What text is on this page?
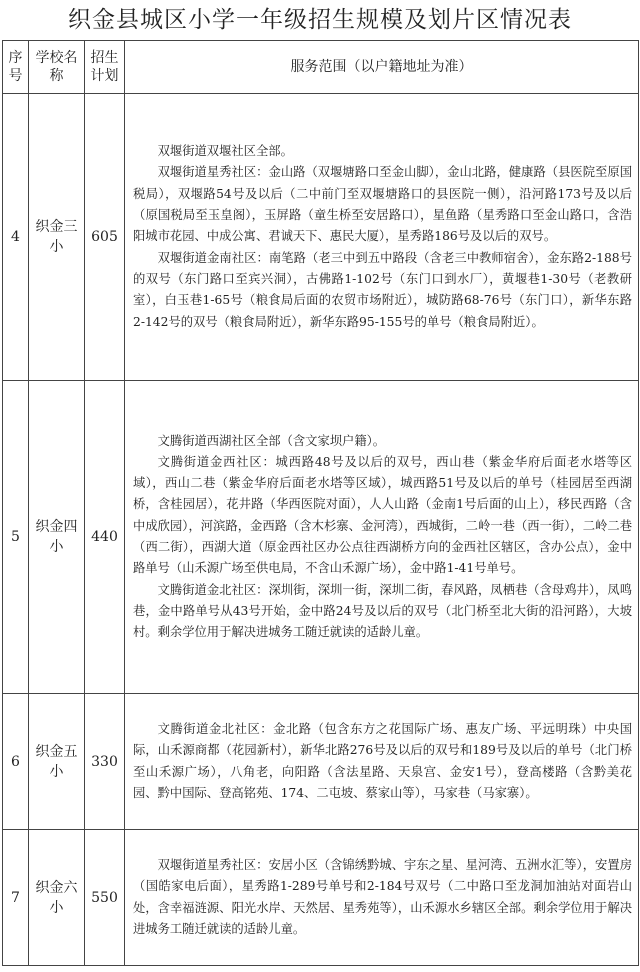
织金县城区小学一年级招生规模及划片区情况表
序号	学校名称	招生计划	服务范围（以户籍地址为准）
4	织金三小	605	双堰街道双堰社区全部。

双堰街道星秀社区：金山路（双堰塘路口至金山脚），金山北路，健康路（县医院至原国税局），双堰路54号及以后（二中前门至双堰塘路口的县医院一侧），沿河路173号及以后（原国税局至玉皇阁），玉屏路（童生桥至安居路口），星鱼路（星秀路口至金山路口，含浩阳城市花园、中成公寓、君诚天下、惠民大厦），星秀路186号及以后的双号。

双堰街道金南社区：南笔路（老三中到五中路段（含老三中教师宿舍），金东路2-188号的双号（东门路口至宾兴洞），古佛路1-102号（东门口到水厂），黄堰巷1-30号（老教研室），白玉巷1-65号（粮食局后面的农贸市场附近），城防路68-76号（东门口），新华东路2-142号的双号（粮食局附近），新华东路95-155号的单号（粮食局附近）。

5	织金四小	440	文腾街道西湖社区全部（含文家坝户籍）。

文腾街道金西社区：城西路48号及以后的双号，西山巷（紫金华府后面老水塔等区域），西山二巷（紫金华府后面老水塔等区域），城西路51号及以后的单号（桂园居至西湖桥，含桂园居），花井路（华西医院对面），人人山路（金南1号后面的山上），移民西路（含中成欣园），河滨路，金西路（含木杉寨、金河湾），西城街，二岭一巷（西一街），二岭二巷（西二街），西湖大道（原金西社区办公点往西湖桥方向的金西社区辖区，含办公点），金中路单号（山禾源广场至供电局，不含山禾源广场），金中路1-41号单号。

文腾街道金北社区：深圳街，深圳一街，深圳二街，春风路，凤栖巷（含母鸡井），凤鸣巷，金中路单号从43号开始，金中路24号及以后的双号（北门桥至北大街的沿河路），大坡村。剩余学位用于解决进城务工随迁就读的适龄儿童。

6	织金五小	330	文腾街道金北社区：金北路（包含东方之花国际广场、惠友广场、平远明珠）中央国际，山禾源商都（花园新村），新华北路276号及以后的双号和189号及以后的单号（北门桥至山禾源广场），八角老，向阳路（含法星路、天泉宫、金安1号），登高楼路（含黔美花园、黔中国际、登高铭苑、174、二屯坡、蔡家山等），马家巷（马家寨）。

7	织金六小	550	双堰街道星秀社区：安居小区（含锦绣黔城、宇东之星、星河湾、五洲水汇等），安置房（国皓家电后面），星秀路1-289号单号和2-184号双号（二中路口至龙洞加油站对面岩山处，含幸福涟源、阳光水岸、天然居、星秀苑等），山禾源水乡辖区全部。剩余学位用于解决进城务工随迁就读的适龄儿童。
